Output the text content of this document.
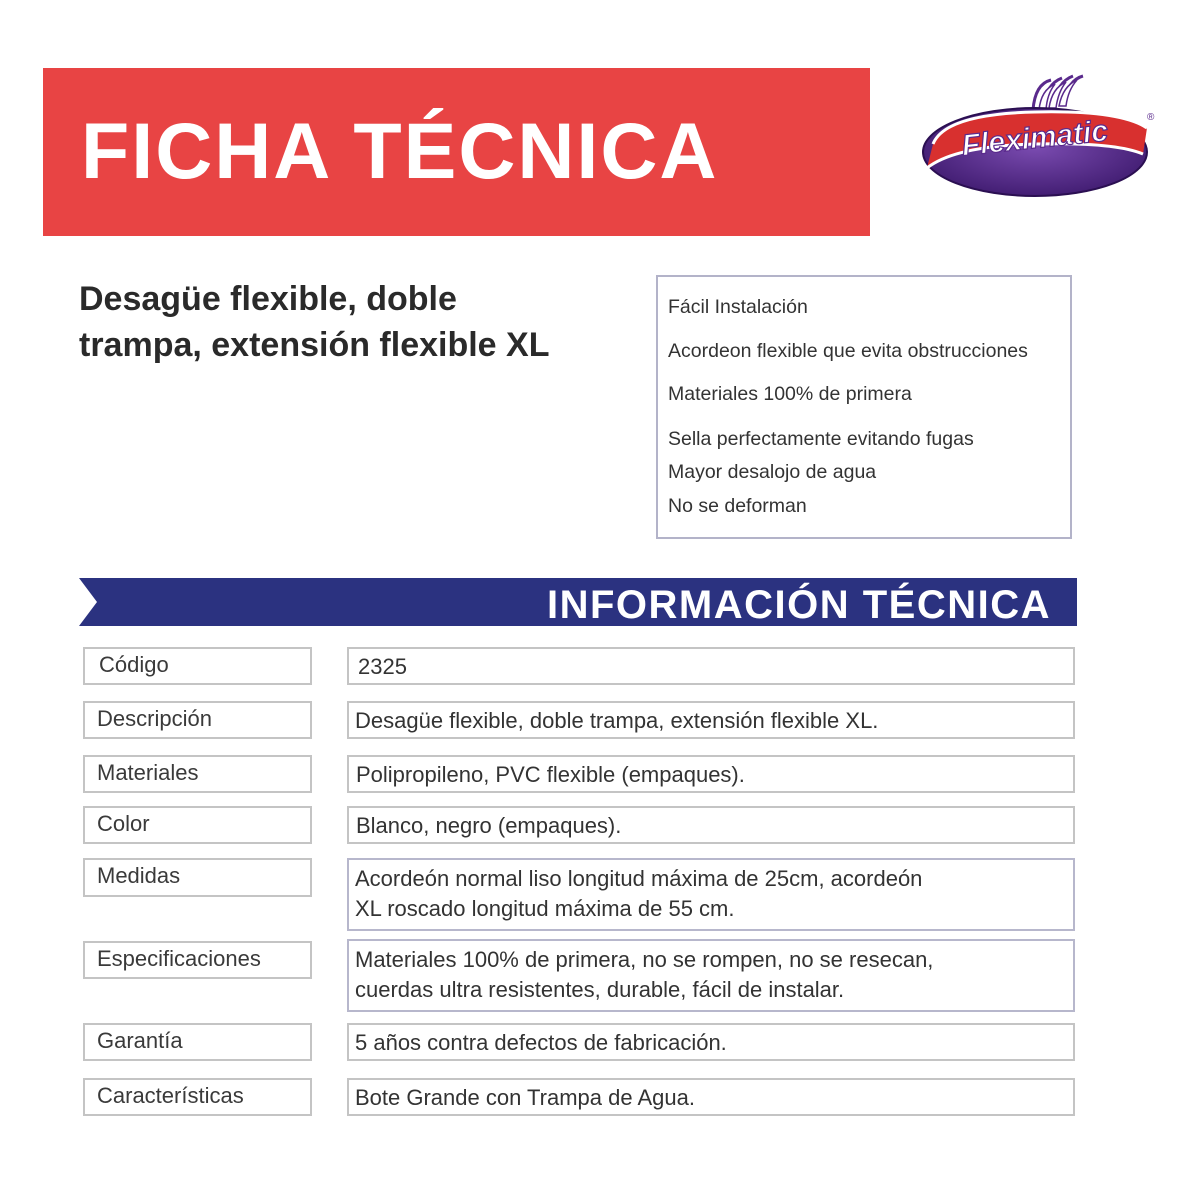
FICHA TÉCNICA	Fleximatic	®
Desagüe flexible, doble
trampa, extensión flexible XL
Fácil Instalación
Acordeon flexible que evita obstrucciones
Materiales 100% de primera
Sella perfectamente evitando fugas
Mayor desalojo de agua
No se deforman
INFORMACIÓN TÉCNICA
Código	2325
Descripción	Desagüe flexible, doble trampa, extensión flexible XL.
Materiales	Polipropileno, PVC flexible (empaques).
Color	Blanco, negro (empaques).
Medidas	Acordeón normal liso longitud máxima de 25cm, acordeón
XL roscado longitud máxima de 55 cm.
Especificaciones	Materiales 100% de primera, no se rompen, no se resecan,
cuerdas ultra resistentes, durable, fácil de instalar.
Garantía	5 años contra defectos de fabricación.
Características	Bote Grande con Trampa de Agua.
